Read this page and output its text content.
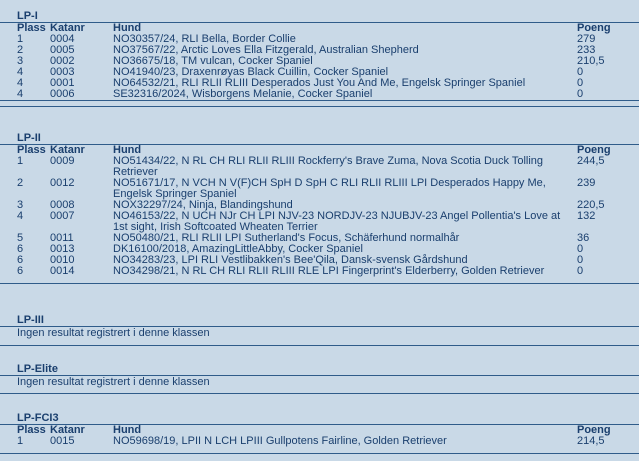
LP-I
Plass	Katanr	Hund	Poeng
1	0004	NO30357/24, RLI Bella, Border Collie	279
2	0005	NO37567/22, Arctic Loves Ella Fitzgerald, Australian Shepherd	233
3	0002	NO36675/18, TM vulcan, Cocker Spaniel	210,5
4	0003	NO41940/23, Draxenrøyas Black Cuillin, Cocker Spaniel	0
4	0001	NO64532/21, RLI RLII RLIII Desperados Just You And Me, Engelsk Springer Spaniel	0
4	0006	SE32316/2024, Wisborgens Melanie, Cocker Spaniel	0
LP-II
Plass	Katanr	Hund	Poeng
1	0009	NO51434/22, N RL CH RLI RLII RLIII Rockferry's Brave Zuma, Nova Scotia Duck Tolling Retriever	244,5
2	0012	NO51671/17, N VCH N V(F)CH SpH D SpH C RLI RLII RLIII LPI Desperados Happy Me, Engelsk Springer Spaniel	239
3	0008	NOX32297/24, Ninja, Blandingshund	220,5
4	0007	NO46153/22, N UCH NJr CH LPI NJV-23 NORDJV-23 NJUBJV-23 Angel Pollentia's Love at 1st sight, Irish Softcoated Wheaten Terrier	132
5	0011	NO50480/21, RLI RLII LPI Sutherland's Focus, Schäferhund normalhår	36
6	0013	DK16100/2018, AmazingLittleAbby, Cocker Spaniel	0
6	0010	NO34283/23, LPI RLI Vestlibakken's Bee'Qila, Dansk-svensk Gårdshund	0
6	0014	NO34298/21, N RL CH RLI RLII RLIII RLE LPI Fingerprint's Elderberry, Golden Retriever	0
LP-III
Ingen resultat registrert i denne klassen
LP-Elite
Ingen resultat registrert i denne klassen
LP-FCI3
Plass	Katanr	Hund	Poeng
1	0015	NO59698/19, LPII N LCH LPIII Gullpotens Fairline, Golden Retriever	214,5
